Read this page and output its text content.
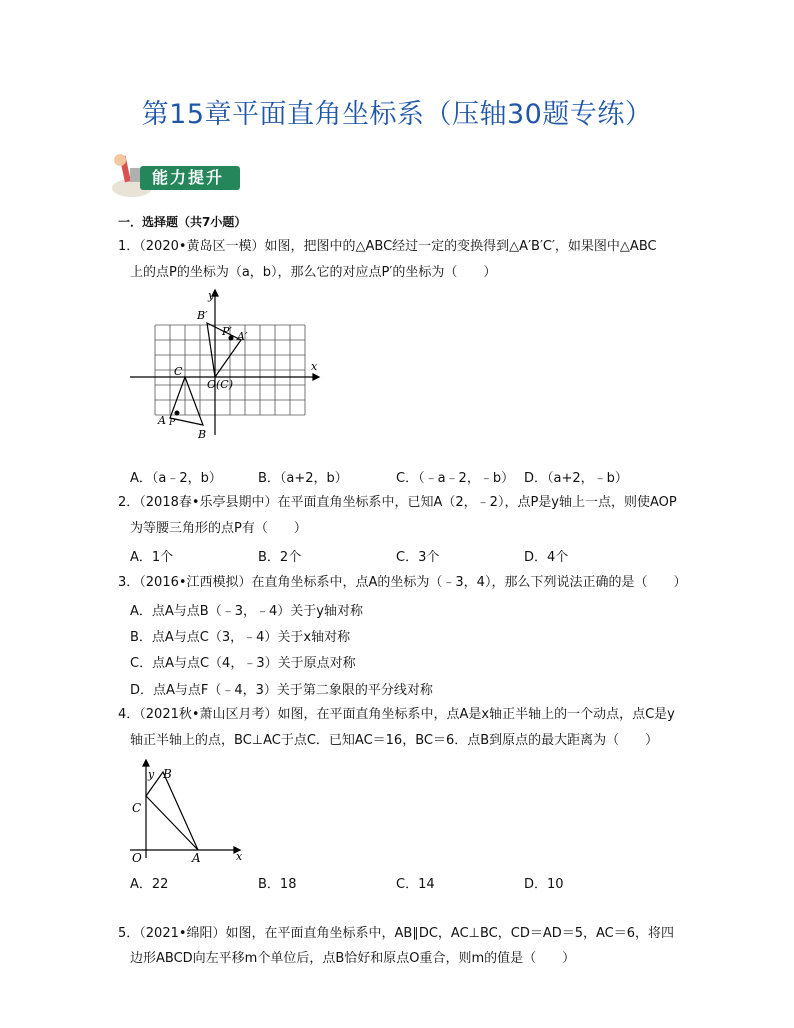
第15章平面直角坐标系（压轴30题专练）
能力提升
一．选择题（共7小题）
1．（2020•黄岛区一模）如图，把图中的△ABC经过一定的变换得到△A′B′C′，如果图中△ABC
上的点P的坐标为（a，b），那么它的对应点P′的坐标为（　　）
y
x
B′
P′ A′
C
O(C)
A P
B
A．（a﹣2，b）	B．（a+2，b）	C．（﹣a﹣2，﹣b） D．（a+2，﹣b）
2．（2018春•乐亭县期中）在平面直角坐标系中，已知A（2，﹣2），点P是y轴上一点，则使AOP
为等腰三角形的点P有（　　）
A．1个	B．2个	C．3个	D．4个
3．（2016•江西模拟）在直角坐标系中，点A的坐标为（﹣3，4），那么下列说法正确的是（　　）
A．点A与点B（﹣3，﹣4）关于y轴对称
B．点A与点C（3，﹣4）关于x轴对称
C．点A与点C（4，﹣3）关于原点对称
D．点A与点F（﹣4，3）关于第二象限的平分线对称
4．（2021秋•萧山区月考）如图，在平面直角坐标系中，点A是x轴正半轴上的一个动点，点C是y
轴正半轴上的点，BC⊥AC于点C．已知AC＝16，BC＝6．点B到原点的最大距离为（　　）
y B
C
O	A	x
A．22	B．18	C．14	D．10
5．（2021•绵阳）如图，在平面直角坐标系中，AB∥DC，AC⊥BC，CD＝AD＝5，AC＝6，将四
边形ABCD向左平移m个单位后，点B恰好和原点O重合，则m的值是（　　）
